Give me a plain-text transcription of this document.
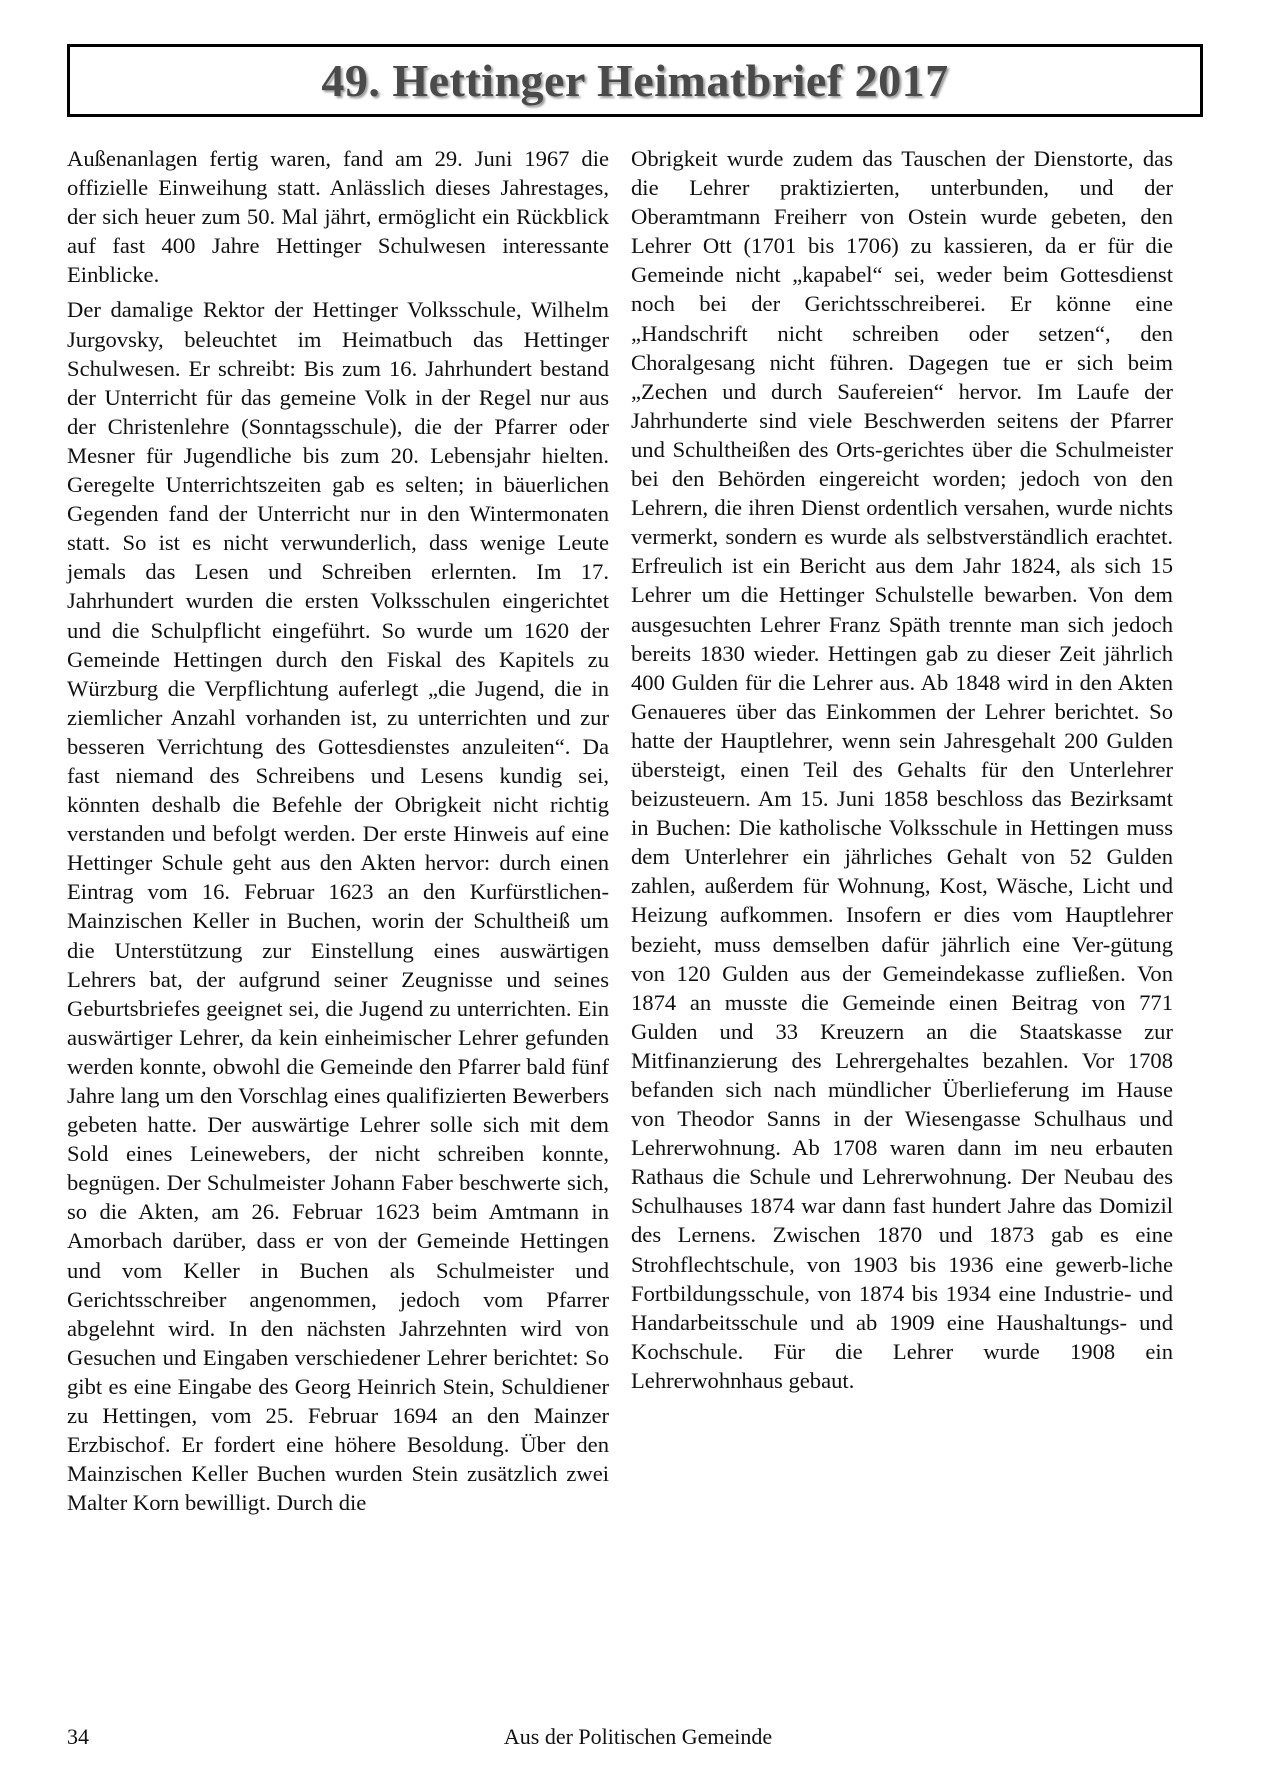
49. Hettinger Heimatbrief 2017

Außenanlagen fertig waren, fand am 29. Juni 1967 die offizielle Einweihung statt. Anlässlich dieses Jahrestages, der sich heuer zum 50. Mal jährt, ermöglicht ein Rückblick auf fast 400 Jahre Hettinger Schulwesen interessante Einblicke.

Der damalige Rektor der Hettinger Volksschule, Wilhelm Jurgovsky, beleuchtet im Heimatbuch das Hettinger Schulwesen. Er schreibt: Bis zum 16. Jahrhundert bestand der Unterricht für das gemeine Volk in der Regel nur aus der Christenlehre (Sonntagsschule), die der Pfarrer oder Mesner für Jugendliche bis zum 20. Lebensjahr hielten. Geregelte Unterrichtszeiten gab es selten; in bäuerlichen Gegenden fand der Unterricht nur in den Wintermonaten statt. So ist es nicht verwunderlich, dass wenige Leute jemals das Lesen und Schreiben erlernten. Im 17. Jahrhundert wurden die ersten Volksschulen eingerichtet und die Schulpflicht eingeführt. So wurde um 1620 der Gemeinde Hettingen durch den Fiskal des Kapitels zu Würzburg die Verpflichtung auferlegt „die Jugend, die in ziemlicher Anzahl vorhanden ist, zu unterrichten und zur besseren Verrichtung des Gottesdienstes anzuleiten“. Da fast niemand des Schreibens und Lesens kundig sei, könnten deshalb die Befehle der Obrigkeit nicht richtig verstanden und befolgt werden. Der erste Hinweis auf eine Hettinger Schule geht aus den Akten hervor: durch einen Eintrag vom 16. Februar 1623 an den Kurfürstlichen-Mainzischen Keller in Buchen, worin der Schultheiß um die Unterstützung zur Einstellung eines auswärtigen Lehrers bat, der aufgrund seiner Zeugnisse und seines Geburtsbriefes geeignet sei, die Jugend zu unterrichten. Ein auswärtiger Lehrer, da kein einheimischer Lehrer gefunden werden konnte, obwohl die Gemeinde den Pfarrer bald fünf Jahre lang um den Vorschlag eines qualifizierten Bewerbers gebeten hatte. Der auswärtige Lehrer solle sich mit dem Sold eines Leinewebers, der nicht schreiben konnte, begnügen. Der Schulmeister Johann Faber beschwerte sich, so die Akten, am 26. Februar 1623 beim Amtmann in Amorbach darüber, dass er von der Gemeinde Hettingen und vom Keller in Buchen als Schulmeister und Gerichtsschreiber angenommen, jedoch vom Pfarrer abgelehnt wird. In den nächsten Jahrzehnten wird von Gesuchen und Eingaben verschiedener Lehrer berichtet: So gibt es eine Eingabe des Georg Heinrich Stein, Schuldiener zu Hettingen, vom 25. Februar 1694 an den Mainzer Erzbischof. Er fordert eine höhere Besoldung. Über den Mainzischen Keller Buchen wurden Stein zusätzlich zwei Malter Korn bewilligt. Durch die

Obrigkeit wurde zudem das Tauschen der Dienstorte, das die Lehrer praktizierten, unterbunden, und der Oberamtmann Freiherr von Ostein wurde gebeten, den Lehrer Ott (1701 bis 1706) zu kassieren, da er für die Gemeinde nicht „kapabel“ sei, weder beim Gottesdienst noch bei der Gerichtsschreiberei. Er könne eine „Handschrift nicht schreiben oder setzen“, den Choralgesang nicht führen. Dagegen tue er sich beim „Zechen und durch Saufereien“ hervor. Im Laufe der Jahrhunderte sind viele Beschwerden seitens der Pfarrer und Schultheißen des Orts-gerichtes über die Schulmeister bei den Behörden eingereicht worden; jedoch von den Lehrern, die ihren Dienst ordentlich versahen, wurde nichts vermerkt, sondern es wurde als selbstverständlich erachtet. Erfreulich ist ein Bericht aus dem Jahr 1824, als sich 15 Lehrer um die Hettinger Schulstelle bewarben. Von dem ausgesuchten Lehrer Franz Späth trennte man sich jedoch bereits 1830 wieder. Hettingen gab zu dieser Zeit jährlich 400 Gulden für die Lehrer aus. Ab 1848 wird in den Akten Genaueres über das Einkommen der Lehrer berichtet. So hatte der Hauptlehrer, wenn sein Jahresgehalt 200 Gulden übersteigt, einen Teil des Gehalts für den Unterlehrer beizusteuern. Am 15. Juni 1858 beschloss das Bezirksamt in Buchen: Die katholische Volksschule in Hettingen muss dem Unterlehrer ein jährliches Gehalt von 52 Gulden zahlen, außerdem für Wohnung, Kost, Wäsche, Licht und Heizung aufkommen. Insofern er dies vom Hauptlehrer bezieht, muss demselben dafür jährlich eine Ver-gütung von 120 Gulden aus der Gemeindekasse zufließen. Von 1874 an musste die Gemeinde einen Beitrag von 771 Gulden und 33 Kreuzern an die Staatskasse zur Mitfinanzierung des Lehrergehaltes bezahlen. Vor 1708 befanden sich nach mündlicher Überlieferung im Hause von Theodor Sanns in der Wiesengasse Schulhaus und Lehrerwohnung. Ab 1708 waren dann im neu erbauten Rathaus die Schule und Lehrerwohnung. Der Neubau des Schulhauses 1874 war dann fast hundert Jahre das Domizil des Lernens. Zwischen 1870 und 1873 gab es eine Strohflechtschule, von 1903 bis 1936 eine gewerb-liche Fortbildungsschule, von 1874 bis 1934 eine Industrie- und Handarbeitsschule und ab 1909 eine Haushaltungs- und Kochschule. Für die Lehrer wurde 1908 ein Lehrerwohnhaus gebaut.

34	Aus der Politischen Gemeinde
